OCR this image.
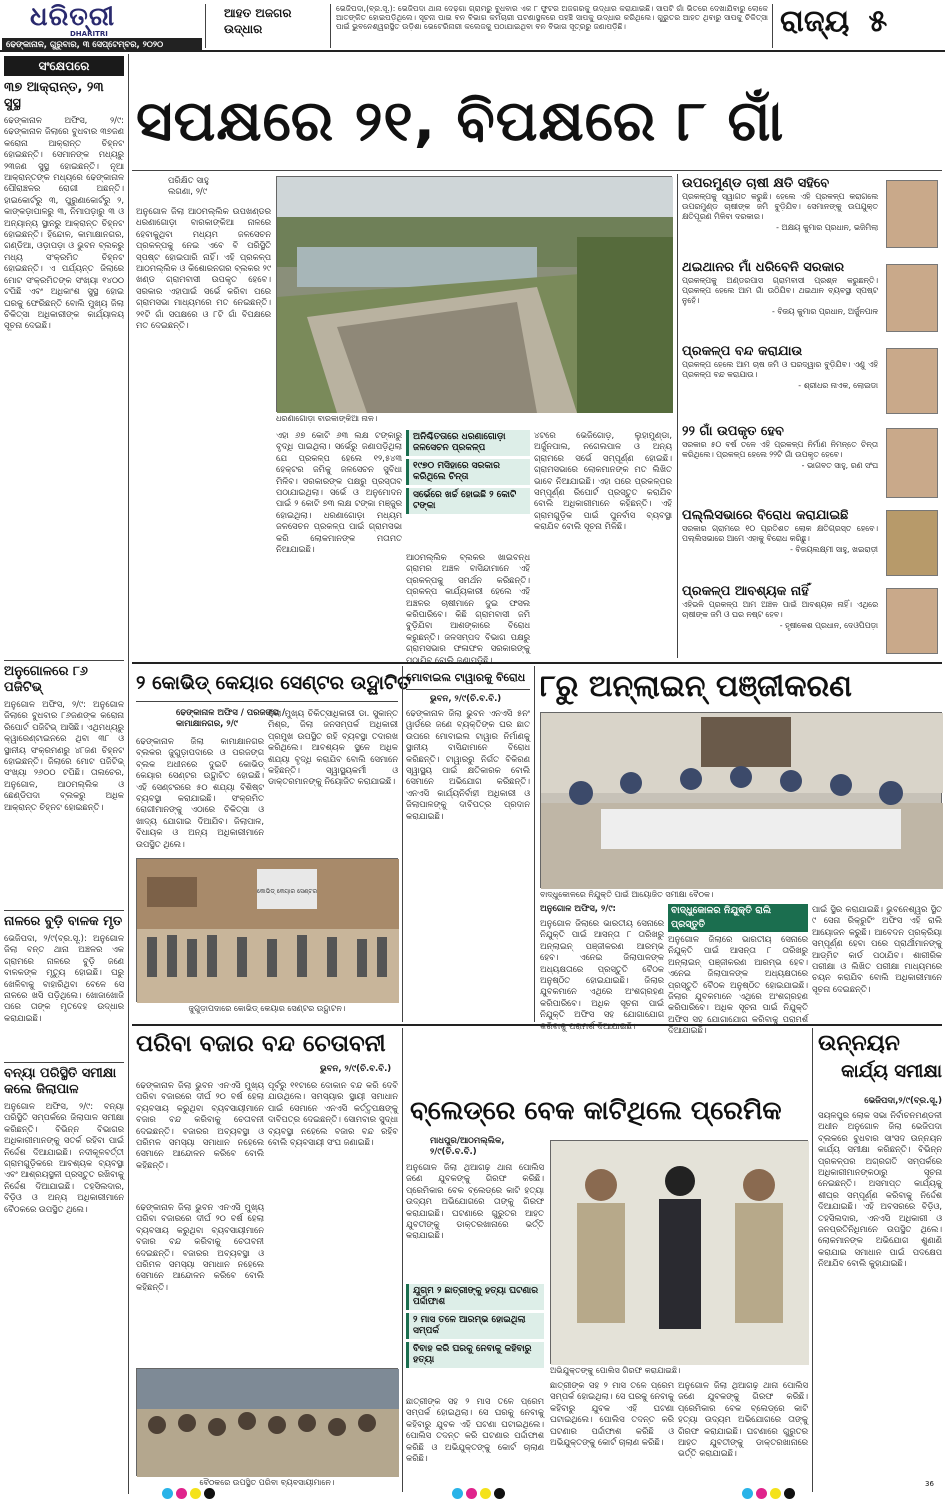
ଧରିତ୍ରୀ
DHARITRI
ଢେଙ୍କାନାଳ, ଗୁରୁବାର, ୩ ସେପ୍ଟେମ୍ବର, ୨୦୨୦
ଆହତ ଅଜଗର ଉଦ୍ଧାର
ଭେଜିପଦା,(ବ୍ର.ସୂ.): ଭେଜିପଦା ଥାନା ଦେଢ଼ଗା ଗ୍ରାମରୁ ବୁଧବାର ଏକ ୮ ଫୁଟର ଅଜଗରକୁ ଉଦ୍ଧାର କରାଯାଇଛି। ସାପଟି ଗାଁ ଭିତରେ ଦେଖାଯିବାରୁ ଲୋକେ ଆତଙ୍କିତ ହୋଇପଡ଼ିଥିଲେ। ସୂଚନା ପାଇ ବନ ବିଭାଗ କର୍ମଚାରୀ ଘଟଣାସ୍ଥଳରେ ପହଞ୍ଚି ସାପକୁ ଉଦ୍ଧାର କରିଥିଲେ। ଗୁରୁତର ଆହତ ଥିବାରୁ ସାପକୁ ଚିକିତ୍ସା ପାଇଁ ଭୁବନେଶ୍ୱରସ୍ଥିତ ଉଡ଼ିଶା ଭେଟେରିନାରୀ କଲେଜକୁ ପଠାଯାଇଥିବା ବନ ବିଭାଗ ସୂତ୍ରରୁ ଜଣାପଡ଼ିଛି।	ରାଜ୍ୟ ୫
ସଂକ୍ଷେପରେ
୩୭ ଆକ୍ରାନ୍ତ, ୨୩ ସୁସ୍ଥ
ଢେଙ୍କାନାଳ ଅଫିସ, ୨/୯: ଢେଙ୍କାନାଳ ଜିଲାରେ ବୁଧବାର ୩୭ଜଣ କରୋନା ଆକ୍ରାନ୍ତ ଚିହ୍ନଟ ହୋଇଛନ୍ତି। ସେମାନଙ୍କ ମଧ୍ୟରୁ ୨୩ଜଣ ସୁସ୍ଥ ହୋଇଛନ୍ତି। ନୂଆ ଆକ୍ରାନ୍ତଙ୍କ ମଧ୍ୟରେ ଢେଙ୍କାନାଳ ପୌରାଞ୍ଚଳର ରୋଗୀ ଅଛନ୍ତି। ହାଇକୋର୍ଟରୁ ୩, ପୁରୁଣାକୋର୍ଟରୁ ୨, କାଙ୍କଡ଼ାପାଳରୁ ୩, ନିମାପଡ଼ାରୁ ୩ ଓ ଅନ୍ୟାନ୍ୟ ସ୍ଥାନରୁ ଆକ୍ରାନ୍ତ ଚିହ୍ନଟ ହୋଇଛନ୍ତି। ହିନ୍ଦୋଳ, କାମାକ୍ଷାନଗର, ଗଣ୍ଡିଆ, ଓଡ଼ାପଡ଼ା ଓ ଭୁବନ ବ୍ଲକରୁ ମଧ୍ୟ ସଂକ୍ରମିତ ଚିହ୍ନଟ ହୋଇଛନ୍ତି। ଏ ପର୍ଯ୍ୟନ୍ତ ଜିଲାରେ ମୋଟ ସଂକ୍ରମିତଙ୍କ ସଂଖ୍ୟା ୧୪୦୦ ଟପିଛି ଏବଂ ଅଧିକାଂଶ ସୁସ୍ଥ ହୋଇ ଘରକୁ ଫେରିଛନ୍ତି ବୋଲି ମୁଖ୍ୟ ଜିଲା ଚିକିତ୍ସା ଅଧିକାରୀଙ୍କ କାର୍ଯ୍ୟାଳୟ ସୂଚନା ଦେଇଛି।
ଅନୁଗୋଳରେ ୮୬ ପଜିଟିଭ୍
ଅନୁଗୋଳ ଅଫିସ, ୨/୯: ଅନୁଗୋଳ ଜିଲାରେ ବୁଧବାର ୮୬ଜଣଙ୍କ କରୋନା ରିପୋର୍ଟ ପଜିଟିଭ୍ ଆସିଛି। ଏଥିମଧ୍ୟରୁ କ୍ୱାରେଣ୍ଟାଇନରେ ଥିବା ୩୮ ଓ ସ୍ଥାନୀୟ ସଂକ୍ରମଣରୁ ୪୮ଜଣ ଚିହ୍ନଟ ହୋଇଛନ୍ତି। ଜିଲାରେ ମୋଟ ପଜିଟିଭ୍ ସଂଖ୍ୟା ୨୬୦୦ ଟପିଛି। ତାଲଚେର, ଅନୁଗୋଳ, ଆଠମଲ୍ଲିକ ଓ ଛେଣ୍ଡିପଦା ବ୍ଲକରୁ ଅଧିକ ଆକ୍ରାନ୍ତ ଚିହ୍ନଟ ହୋଇଛନ୍ତି।
ନାଳରେ ବୁଡ଼ି ବାଳକ ମୃତ
ଭେଜିପଦା, ୨/୯(ବ୍ର.ସୂ.): ଅନୁଗୋଳ ଜିଲା ବନ୍ତ ଥାନା ଅଞ୍ଚଳର ଏକ ଗ୍ରାମରେ ନାଳରେ ବୁଡ଼ି ଜଣେ ବାଳକଙ୍କ ମୃତ୍ୟୁ ହୋଇଛି। ଘରୁ ଖେଳିବାକୁ ବାହାରିଥିବା ବେଳେ ସେ ନାଳରେ ଖସି ପଡ଼ିଥିଲେ। ଖୋଜାଖୋଜି ପରେ ତାଙ୍କ ମୃତଦେହ ଉଦ୍ଧାର କରାଯାଇଛି।
ବନ୍ୟା ପରିସ୍ଥିତି ସମୀକ୍ଷା
କଲେ ଜିଲାପାଳ
ଅନୁଗୋଳ ଅଫିସ, ୨/୯: ବନ୍ୟା ପରିସ୍ଥିତି ସମ୍ପର୍କରେ ଜିଲାପାଳ ସମୀକ୍ଷା କରିଛନ୍ତି। ବିଭିନ୍ନ ବିଭାଗର ଅଧିକାରୀମାନଙ୍କୁ ସତର୍କ ରହିବା ପାଇଁ ନିର୍ଦ୍ଦେଶ ଦିଆଯାଇଛି। ନଦୀକୂଳବର୍ତ୍ତୀ ଗ୍ରାମଗୁଡ଼ିକରେ ଆବଶ୍ୟକ ବ୍ୟବସ୍ଥା ଏବଂ ଆଶ୍ରୟସ୍ଥଳୀ ପ୍ରସ୍ତୁତ ରଖିବାକୁ ନିର୍ଦ୍ଦେଶ ଦିଆଯାଇଛି। ତହସିଲଦାର, ବିଡ଼ିଓ ଓ ଅନ୍ୟ ଅଧିକାରୀମାନେ ବୈଠକରେ ଉପସ୍ଥିତ ଥିଲେ।
ସପକ୍ଷରେ ୨୧, ବିପକ୍ଷରେ ୮ ଗାଁ
ପରିକ୍ଷିତ ସାହୁ
ଲଗଣା, ୨/୯
ଅନୁଗୋଳ ଜିଲା ଆଠମଲ୍ଲିକ ଉପଖଣ୍ଡର ଧରଣାଗୋଡ଼ା ବାରକାଙ୍କିଆ ନାଳରେ ହେବାକୁଥିବା ମଧ୍ୟମ ଜଳସେଚନ ପ୍ରକଳ୍ପକୁ ନେଇ ଏବେ ବି ପରିସ୍ଥିତି ସ୍ପଷ୍ଟ ହୋଇପାରି ନାହିଁ। ଏହି ପ୍ରକଳ୍ପ ଆଠମଲ୍ଲିକ ଓ କିଶୋରନଗର ବ୍ଲକର ୨୯ ଖଣ୍ଡ ଗ୍ରାମବାସୀ ଉପକୃତ ହେବେ। ସରକାର ଏହାପାଇଁ ସର୍ଭେ କରିବା ପରେ ଗ୍ରାମସଭା ମାଧ୍ୟମରେ ମତ ନେଇଛନ୍ତି। ୨୧ଟି ଗାଁ ସପକ୍ଷରେ ଓ ୮ଟି ଗାଁ ବିପକ୍ଷରେ ମତ ଦେଇଛନ୍ତି।
ଧରଣାଗୋଡ଼ା ବାରକାଙ୍କିଆ ନାଳ।
ଏହା ୬୭ କୋଟି ୬୩ ଲକ୍ଷ ଟଙ୍କାରୁ ବୃଦ୍ଧି ପାଇଥିଲା। ସର୍ଭେରୁ ଜଣାପଡ଼ିଥିଲା ଯେ ପ୍ରକଳ୍ପ ହେଲେ ୧୨,୫୪୩ ହେକ୍ଟର ଜମିକୁ ଜଳସେଚନ ସୁବିଧା ମିଳିବ। ସରକାରଙ୍କ ପକ୍ଷରୁ ପ୍ରସ୍ତାବ ପଠାଯାଇଥିଲା। ସର୍ଭେ ଓ ଅନୁମୋଦନ ପାଇଁ ୨ କୋଟି ୭୩ ଲକ୍ଷ ଟଙ୍କା ମଞ୍ଜୁର ହୋଇଥିଲା। ଧରଣାଗୋଡ଼ା ମଧ୍ୟମ ଜଳସେଚନ ପ୍ରକଳ୍ପ ପାଇଁ ଗ୍ରାମସଭା କରି ଲୋକମାନଙ୍କ ମତାମତ ନିଆଯାଇଛି।
ଅନିଶ୍ଚିତତାରେ ଧରଣାଗୋଡ଼ା ଜଳସେଚନ ପ୍ରକଳ୍ପ
୧୯୭୦ ମସିହାରେ ସରକାର କରିଥିଲେ ଚିନ୍ତା
ସର୍ଭେରେ ଖର୍ଚ୍ଚ ହୋଇଛି ୨ କୋଟି ଟଙ୍କା
ଆଠମଲ୍ଲିକ ବ୍ଲକର ଖାଇବନ୍ଧ ଗ୍ରାମର ଅଞ୍ଚଳ ବାସିନ୍ଦାମାନେ ଏହି ପ୍ରକଳ୍ପକୁ ସମର୍ଥନ କରିଛନ୍ତି। ପ୍ରକଳ୍ପ କାର୍ଯ୍ୟକାରୀ ହେଲେ ଏହି ଅଞ୍ଚଳର ଚାଷୀମାନେ ଦୁଇ ଫସଲ କରିପାରିବେ। କିଛି ଗ୍ରାମବାସୀ ଜମି ବୁଡ଼ିଯିବା ଆଶଙ୍କାରେ ବିରୋଧ କରୁଛନ୍ତି। ଜଳସମ୍ପଦ ବିଭାଗ ପକ୍ଷରୁ ଗ୍ରାମସଭାର ଫଳାଫଳ ସରକାରଙ୍କୁ ପଠାଯିବ ବୋଲି ଜଣାପଡ଼ିଛି।
୪ଟରେ ଭେଜିଗୋଡ଼, ଲୁହାମୁଣ୍ଡା, ଅର୍ଜୁନପାଲ, ନଗେଲପାଳ ଓ ଅନ୍ୟ ଗ୍ରାମରେ ସର୍ଭେ ସମ୍ପୂର୍ଣ୍ଣ ହୋଇଛି। ଗ୍ରାମସଭାରେ ଲୋକମାନଙ୍କ ମତ ଲିଖିତ ଭାବେ ନିଆଯାଇଛି। ଏହା ପରେ ପ୍ରକଳ୍ପର ସମ୍ପୂର୍ଣ୍ଣ ରିପୋର୍ଟ ପ୍ରସ୍ତୁତ କରାଯିବ ବୋଲି ଅଧିକାରୀମାନେ କହିଛନ୍ତି। ଏହି ଗ୍ରାମଗୁଡ଼ିକ ପାଇଁ ପୁନର୍ବାସ ବ୍ୟବସ୍ଥା କରାଯିବ ବୋଲି ସୂଚନା ମିଳିଛି।
ଉପରମୁଣ୍ଡ ଚାଷୀ କ୍ଷତି ସହିବେ
ପ୍ରକଳ୍ପକୁ ସ୍ୱାଗତ କରୁଛି। ହେଲେ ଏହି ପ୍ରକଳ୍ପ କରାଗଲେ ଉପରମୁଣ୍ଡ ଚାଷୀଙ୍କ ଜମି ବୁଡ଼ିଯିବ। ସେମାନଙ୍କୁ ଉପଯୁକ୍ତ କ୍ଷତିପୂରଣ ମିଳିବା ଦରକାର।
- ଅକ୍ଷୟ କୁମାର ପ୍ରଧାନ, ଭଜିମିଲା
ଥଇଥାନର ମାଁ ଧରିବେନି ସରକାର
ପ୍ରକଳ୍ପକୁ ଅଣ୍ଡରପାସ ଗ୍ରାମବାସୀ ପ୍ରଶ୍ନ କରୁଛନ୍ତି। ପ୍ରକଳ୍ପ ହେଲେ ଆମ ଗାଁ ଉଠିଯିବ। ଥଇଥାନ ବ୍ୟବସ୍ଥା ସ୍ପଷ୍ଟ ନୁହେଁ।
- ବିଜୟ କୁମାର ପ୍ରଧାନ, ଅର୍ଜୁନପାଳ
ପ୍ରକଳ୍ପ ବନ୍ଦ କରାଯାଉ
ପ୍ରକଳ୍ପ ହେଲେ ଆମ ଚାଷ ଜମି ଓ ଘରଦ୍ୱାର ବୁଡ଼ିଯିବ। ଏଣୁ ଏହି ପ୍ରକଳ୍ପ ବନ୍ଦ କରାଯାଉ।
- ଶ୍ରୀଧର ନାଏକ, ଲୋଇଡା
୨୨ ଗାଁ ଉପକୃତ ହେବ
ସରକାର ୫୦ ବର୍ଷ ତଳେ ଏହି ପ୍ରକଳ୍ପ ନିର୍ମାଣ ନିମନ୍ତେ ଚିନ୍ତା କରିଥିଲେ। ପ୍ରକଳ୍ପ ହେଲେ ୨୨ଟି ଗାଁ ଉପକୃତ ହେବେ।
- ଭାଗବତ ସାହୁ, ରଣ ସଂଘ
ପଲ୍ଲିସଭାରେ ବିରୋଧ କରାଯାଇଛି
ସରକାର ଗ୍ରାମରେ ୧୦ ପ୍ରତିଶତ ଲୋକ କ୍ଷତିଗ୍ରସ୍ତ ହେବେ। ପଲ୍ଲିସଭାରେ ଆମେ ଏହାକୁ ବିରୋଧ କରିଛୁ।
- ବିଜୟଲକ୍ଷ୍ମୀ ସାହୁ, ଖଇରାଡ଼ୀ
ପ୍ରକଳ୍ପ ଆବଶ୍ୟକ ନାହିଁ
ଏହିଭଳି ପ୍ରକଳ୍ପ ଆମ ଅଞ୍ଚଳ ପାଇଁ ଆବଶ୍ୟକ ନାହିଁ। ଏଥିରେ ଚାଷୀଙ୍କ ଜମି ଓ ଘର ନଷ୍ଟ ହେବ।
- ହୃଷୀକେଶ ପ୍ରଧାନ, ଦେଓପିପଡ଼ା
୨ କୋଭିଡ୍ କେୟାର ସେଣ୍ଟର ଉଦ୍ଘାଟିତ
ଢେଙ୍କାନାଳ ଅଫିସ / ପରଜଙ୍ଗ / କାମାକ୍ଷାନଗର, ୨/୯
ଢେଙ୍କାନାଳ ଜିଲା କାମାକ୍ଷାନଗର ବ୍ଲକର ଜୁଗୁଡ଼ାପଦାରେ ଓ ପରଜଙ୍ଗ ବ୍ଲକ ଅଧୀନରେ ଦୁଇଟି କୋଭିଡ୍ କେୟାର ସେଣ୍ଟର ଉଦ୍ଘାଟିତ ହୋଇଛି। ଏହି ସେଣ୍ଟରରେ ୫୦ ଶଯ୍ୟା ବିଶିଷ୍ଟ ବ୍ୟବସ୍ଥା କରାଯାଇଛି। ସଂକ୍ରମିତ ରୋଗୀମାନଙ୍କୁ ଏଠାରେ ଚିକିତ୍ସା ଓ ଖାଦ୍ୟ ଯୋଗାଇ ଦିଆଯିବ। ଜିଲାପାଳ, ବିଧାୟକ ଓ ଅନ୍ୟ ଅଧିକାରୀମାନେ ଉପସ୍ଥିତ ଥିଲେ।
ଜିଲା ମୁଖ୍ୟ ଚିକିତ୍ସାଧିକାରୀ ଡା. ସୁକାନ୍ତ ମିଶ୍ର, ଜିଲା ଜନସମ୍ପର୍କ ଅଧିକାରୀ ପ୍ରମୁଖ ଉପସ୍ଥିତ ରହି ବ୍ୟବସ୍ଥା ତଦାରଖ କରିଥିଲେ। ଆବଶ୍ୟକ ସ୍ଥଳେ ଅଧିକ ଶଯ୍ୟା ବୃଦ୍ଧି କରାଯିବ ବୋଲି ସେମାନେ କହିଛନ୍ତି। ସ୍ୱାସ୍ଥ୍ୟକର୍ମୀ ଓ ଡାକ୍ତରମାନଙ୍କୁ ନିୟୋଜିତ କରାଯାଇଛି।
କୋଭିଡ୍ କେୟାର ସେଣ୍ଟର
ଜୁଗୁଡ଼ାପଦାରେ କୋଭିଡ୍ କେୟାର ସେଣ୍ଟର ଉଦ୍ଘାଟନ।
ମୋବାଇଲ ଟାୱାରକୁ ବିରୋଧ
ଭୁବନ, ୨/୯(ଚି.ବ.ବି.)
ଢେଙ୍କାନାଳ ଜିଲା ଭୁବନ ଏନଏସି ୫ନଂ ୱାର୍ଡରେ ଜଣେ ବ୍ୟକ୍ତିଙ୍କ ଘର ଛାତ ଉପରେ ମୋବାଇଲ ଟାୱାର ନିର୍ମାଣକୁ ସ୍ଥାନୀୟ ବାସିନ୍ଦାମାନେ ବିରୋଧ କରିଛନ୍ତି। ଟାୱାରରୁ ନିର୍ଗତ ବିକିରଣ ସ୍ୱାସ୍ଥ୍ୟ ପାଇଁ କ୍ଷତିକାରକ ବୋଲି ସେମାନେ ଅଭିଯୋଗ କରିଛନ୍ତି। ଏନଏସି କାର୍ଯ୍ୟନିର୍ବାହୀ ଅଧିକାରୀ ଓ ଜିଲାପାଳଙ୍କୁ ଦାବିପତ୍ର ପ୍ରଦାନ କରାଯାଇଛି।
୮ରୁ ଅନ୍‌ଲାଇନ୍ ପଞ୍ଜୀକରଣ
ବାଦ୍ଧୁକୋଳରେ ନିଯୁକ୍ତି ପାଇଁ ଆୟୋଜିତ ସମୀକ୍ଷା ବୈଠକ।
ଅନୁଗୋଳ ଅଫିସ, ୨/୯:
ଅନୁଗୋଳ ଜିଲାରେ ଭାରତୀୟ ସେନାରେ ନିଯୁକ୍ତି ପାଇଁ ଆସନ୍ତା ୮ ତାରିଖରୁ ଅନ୍‌ଲାଇନ୍ ପଞ୍ଜୀକରଣ ଆରମ୍ଭ ହେବ। ଏନେଇ ଜିଲାପାଳଙ୍କ ଅଧ୍ୟକ୍ଷତାରେ ପ୍ରସ୍ତୁତି ବୈଠକ ଅନୁଷ୍ଠିତ ହୋଇଯାଇଛି। ଜିଲାର ଯୁବକମାନେ ଏଥିରେ ଅଂଶଗ୍ରହଣ କରିପାରିବେ। ଅଧିକ ସୂଚନା ପାଇଁ ନିଯୁକ୍ତି ଅଫିସ ସହ ଯୋଗାଯୋଗ କରିବାକୁ ପରାମର୍ଶ ଦିଆଯାଇଛି।
ବାଦ୍ଧୁକୋଳର ନିଯୁକ୍ତି ରାଲି ପ୍ରସ୍ତୁତି
ଅନୁଗୋଳ ଜିଲାରେ ଭାରତୀୟ ସେନାରେ ନିଯୁକ୍ତି ପାଇଁ ଆସନ୍ତା ୮ ତାରିଖରୁ ଅନ୍‌ଲାଇନ୍ ପଞ୍ଜୀକରଣ ଆରମ୍ଭ ହେବ। ଏନେଇ ଜିଲାପାଳଙ୍କ ଅଧ୍ୟକ୍ଷତାରେ ପ୍ରସ୍ତୁତି ବୈଠକ ଅନୁଷ୍ଠିତ ହୋଇଯାଇଛି। ଜିଲାର ଯୁବକମାନେ ଏଥିରେ ଅଂଶଗ୍ରହଣ କରିପାରିବେ। ଅଧିକ ସୂଚନା ପାଇଁ ନିଯୁକ୍ତି ଅଫିସ ସହ ଯୋଗାଯୋଗ କରିବାକୁ ପରାମର୍ଶ ଦିଆଯାଇଛି।
ପାଇଁ ସ୍ଥିର କରାଯାଇଛି। ଭୁବନେଶ୍ୱର ସ୍ଥିତ ୯ ସେନା ରିକ୍ରୁଟିଂ ଅଫିସ ଏହି ରାଲି ଆୟୋଜନ କରୁଛି। ଆବେଦନ ପ୍ରକ୍ରିୟା ସମ୍ପୂର୍ଣ୍ଣ ହେବା ପରେ ପ୍ରାର୍ଥୀମାନଙ୍କୁ ଆଡ୍‌ମିଟ କାର୍ଡ ପଠାଯିବ। ଶାରୀରିକ ପରୀକ୍ଷା ଓ ଲିଖିତ ପରୀକ୍ଷା ମାଧ୍ୟମରେ ଚୟନ କରାଯିବ ବୋଲି ଅଧିକାରୀମାନେ ସୂଚନା ଦେଇଛନ୍ତି।
ପରିବା ବଜାର ବନ୍ଦ ଚେତାବନୀ
ଭୁବନ, ୨/୯(ଚି.ବ.ବି.)
ଢେଙ୍କାନାଳ ଜିଲା ଭୁବନ ଏନଏସି ମୁଖ୍ୟ ପରିବା ବଜାରରେ ଦୀର୍ଘ ୨୦ ବର୍ଷ ହେଲା ବ୍ୟବସାୟ କରୁଥିବା ବ୍ୟବସାୟୀମାନେ ବଜାର ବନ୍ଦ କରିବାକୁ ଚେତାବନୀ ଦେଇଛନ୍ତି। ବଜାରର ଅବ୍ୟବସ୍ଥା ଓ ପରିମଳ ସମସ୍ୟା ସମାଧାନ ନହେଲେ ସେମାନେ ଆନ୍ଦୋଳନ କରିବେ ବୋଲି କହିଛନ୍ତି।
ପୂର୍ବରୁ ୧୧ଟାରେ ଦୋକାନ ବନ୍ଦ କରି ଦେବି ଯାଉଥିଲେ। ସମସ୍ୟାର ସ୍ଥାୟୀ ସମାଧାନ ପାଇଁ ସେମାନେ ଏନଏସି କର୍ତ୍ତୃପକ୍ଷଙ୍କୁ ଦାବିପତ୍ର ଦେଇଛନ୍ତି। ସୋମବାର ସୁଦ୍ଧା ବ୍ୟବସ୍ଥା ନହେଲେ ବଜାର ବନ୍ଦ ରହିବ ବୋଲି ବ୍ୟବସାୟୀ ସଂଘ ଜଣାଇଛି।
ଢେଙ୍କାନାଳ ଜିଲା ଭୁବନ ଏନଏସି ମୁଖ୍ୟ ପରିବା ବଜାରରେ ଦୀର୍ଘ ୨୦ ବର୍ଷ ହେଲା ବ୍ୟବସାୟ କରୁଥିବା ବ୍ୟବସାୟୀମାନେ ବଜାର ବନ୍ଦ କରିବାକୁ ଚେତାବନୀ ଦେଇଛନ୍ତି। ବଜାରର ଅବ୍ୟବସ୍ଥା ଓ ପରିମଳ ସମସ୍ୟା ସମାଧାନ ନହେଲେ ସେମାନେ ଆନ୍ଦୋଳନ କରିବେ ବୋଲି କହିଛନ୍ତି।
ବୈଠକରେ ଉପସ୍ଥିତ ପରିବା ବ୍ୟବସାୟୀମାନେ।
ବ୍ଲେଡ୍‌ରେ ବେକ କାଟିଥିଲେ ପ୍ରେମିକ
ମାଧପୁର/ଆଠମଲ୍ଲିକ, ୨/୯(ଚି.ବ.ବି.)
ଅନୁଗୋଳ ଜିଲା ଥିଆଗଢ଼ ଥାନା ପୋଲିସ ଜଣେ ଯୁବକଙ୍କୁ ଗିରଫ କରିଛି। ପ୍ରେମିକାର ବେକ ବ୍ଲେଡ୍‌ରେ କାଟି ହତ୍ୟା ଉଦ୍ୟମ ଅଭିଯୋଗରେ ତାଙ୍କୁ ଗିରଫ କରାଯାଇଛି। ଘଟଣାରେ ଗୁରୁତର ଆହତ ଯୁବତୀଙ୍କୁ ଡାକ୍ତରଖାନାରେ ଭର୍ତ୍ତି କରାଯାଇଛି।
ଯୁଗ୍ମ ୨ ଛାତ୍ରୀଙ୍କୁ ହତ୍ୟା ଘଟଣାର ପର୍ଦ୍ଦାଫାଶ
୨ ମାସ ତଳେ ଆରମ୍ଭ ହୋଇଥିଲା ସମ୍ପର୍କ
ବିବାହ କରି ଘରକୁ ନେବାକୁ କହିବାରୁ ହତ୍ୟା
ଛାତ୍ରୀଙ୍କ ସହ ୨ ମାସ ତଳେ ପ୍ରେମ ସମ୍ପର୍କ ହୋଇଥିଲା। ସେ ଘରକୁ ନେବାକୁ କହିବାରୁ ଯୁବକ ଏହି ଘଟଣା ଘଟାଇଥିଲେ। ପୋଲିସ ତଦନ୍ତ କରି ଘଟଣାର ପର୍ଦ୍ଦାଫାଶ କରିଛି ଓ ଅଭିଯୁକ୍ତଙ୍କୁ କୋର୍ଟ ଚାଲାଣ କରିଛି।
ଅଭିଯୁକ୍ତଙ୍କୁ ପୋଲିସ ଗିରଫ କରାଯାଇଛି।
ଛାତ୍ରୀଙ୍କ ସହ ୨ ମାସ ତଳେ ପ୍ରେମ ସମ୍ପର୍କ ହୋଇଥିଲା। ସେ ଘରକୁ ନେବାକୁ କହିବାରୁ ଯୁବକ ଏହି ଘଟଣା ଘଟାଇଥିଲେ। ପୋଲିସ ତଦନ୍ତ କରି ଘଟଣାର ପର୍ଦ୍ଦାଫାଶ କରିଛି ଓ ଅଭିଯୁକ୍ତଙ୍କୁ କୋର୍ଟ ଚାଲାଣ କରିଛି।
ଅନୁଗୋଳ ଜିଲା ଥିଆଗଢ଼ ଥାନା ପୋଲିସ ଜଣେ ଯୁବକଙ୍କୁ ଗିରଫ କରିଛି। ପ୍ରେମିକାର ବେକ ବ୍ଲେଡ୍‌ରେ କାଟି ହତ୍ୟା ଉଦ୍ୟମ ଅଭିଯୋଗରେ ତାଙ୍କୁ ଗିରଫ କରାଯାଇଛି। ଘଟଣାରେ ଗୁରୁତର ଆହତ ଯୁବତୀଙ୍କୁ ଡାକ୍ତରଖାନାରେ ଭର୍ତ୍ତି କରାଯାଇଛି।
ଉନ୍ନୟନ
କାର୍ଯ୍ୟ ସମୀକ୍ଷା
ଭେଜିପଦା,୨/୯(ବ୍ର.ସୂ.)
ସୟଳପୁର ଲୋକ ସଭା ନିର୍ବାଚନମଣ୍ଡଳୀ ଅଧୀନ ଅନୁଗୋଳ ଜିଲା ଭେଜିପଦା ବ୍ଲକରେ ବୁଧବାର ସାଂସଦ ଉନ୍ନୟନ କାର୍ଯ୍ୟ ସମୀକ୍ଷା କରିଛନ୍ତି। ବିଭିନ୍ନ ପ୍ରକଳ୍ପର ଅଗ୍ରଗତି ସମ୍ପର୍କରେ ଅଧିକାରୀମାନଙ୍କଠାରୁ ସୂଚନା ନେଇଛନ୍ତି। ଅସମାପ୍ତ କାର୍ଯ୍ୟକୁ ଶୀଘ୍ର ସମ୍ପୂର୍ଣ୍ଣ କରିବାକୁ ନିର୍ଦ୍ଦେଶ ଦିଆଯାଇଛି। ଏହି ଅବସରରେ ବିଡ଼ିଓ, ତହସିଲଦାର, ଏନଏସି ଅଧିକାରୀ ଓ ଜନପ୍ରତିନିଧିମାନେ ଉପସ୍ଥିତ ଥିଲେ। ଲୋକମାନଙ୍କ ଅଭିଯୋଗ ଶୁଣାଣି କରାଯାଇ ସମାଧାନ ପାଇଁ ପଦକ୍ଷେପ ନିଆଯିବ ବୋଲି କୁହାଯାଇଛି।
36
